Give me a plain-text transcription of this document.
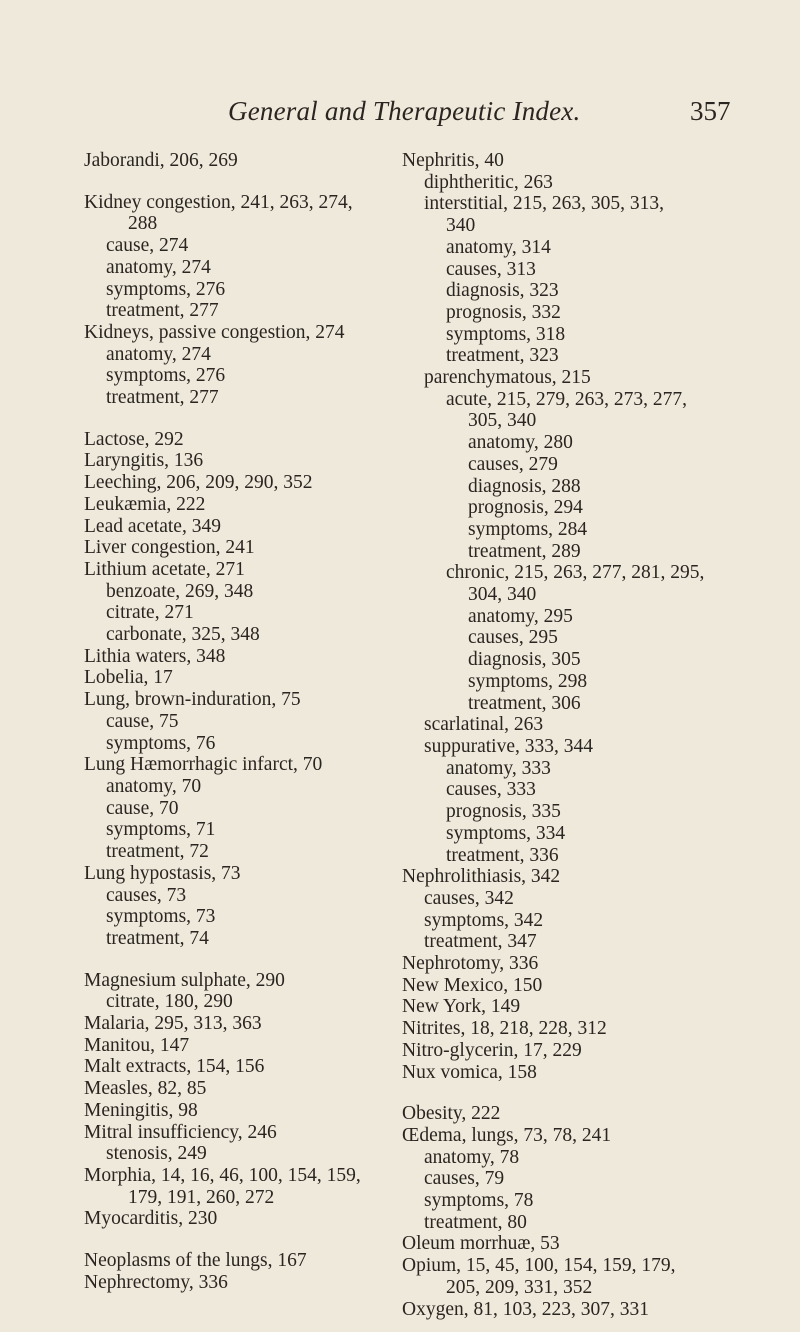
General and Therapeutic Index.	357
Jaborandi, 206, 269
Kidney congestion, 241, 263, 274,
288
cause, 274
anatomy, 274
symptoms, 276
treatment, 277
Kidneys, passive congestion, 274
anatomy, 274
symptoms, 276
treatment, 277
Lactose, 292
Laryngitis, 136
Leeching, 206, 209, 290, 352
Leukæmia, 222
Lead acetate, 349
Liver congestion, 241
Lithium acetate, 271
benzoate, 269, 348
citrate, 271
carbonate, 325, 348
Lithia waters, 348
Lobelia, 17
Lung, brown-induration, 75
cause, 75
symptoms, 76
Lung Hæmorrhagic infarct, 70
anatomy, 70
cause, 70
symptoms, 71
treatment, 72
Lung hypostasis, 73
causes, 73
symptoms, 73
treatment, 74
Magnesium sulphate, 290
citrate, 180, 290
Malaria, 295, 313, 363
Manitou, 147
Malt extracts, 154, 156
Measles, 82, 85
Meningitis, 98
Mitral insufficiency, 246
stenosis, 249
Morphia, 14, 16, 46, 100, 154, 159,
179, 191, 260, 272
Myocarditis, 230
Neoplasms of the lungs, 167
Nephrectomy, 336
Nephritis, 40
diphtheritic, 263
interstitial, 215, 263, 305, 313,
340
anatomy, 314
causes, 313
diagnosis, 323
prognosis, 332
symptoms, 318
treatment, 323
parenchymatous, 215
acute, 215, 279, 263, 273, 277,
305, 340
anatomy, 280
causes, 279
diagnosis, 288
prognosis, 294
symptoms, 284
treatment, 289
chronic, 215, 263, 277, 281, 295,
304, 340
anatomy, 295
causes, 295
diagnosis, 305
symptoms, 298
treatment, 306
scarlatinal, 263
suppurative, 333, 344
anatomy, 333
causes, 333
prognosis, 335
symptoms, 334
treatment, 336
Nephrolithiasis, 342
causes, 342
symptoms, 342
treatment, 347
Nephrotomy, 336
New Mexico, 150
New York, 149
Nitrites, 18, 218, 228, 312
Nitro-glycerin, 17, 229
Nux vomica, 158
Obesity, 222
Œdema, lungs, 73, 78, 241
anatomy, 78
causes, 79
symptoms, 78
treatment, 80
Oleum morrhuæ, 53
Opium, 15, 45, 100, 154, 159, 179,
205, 209, 331, 352
Oxygen, 81, 103, 223, 307, 331
